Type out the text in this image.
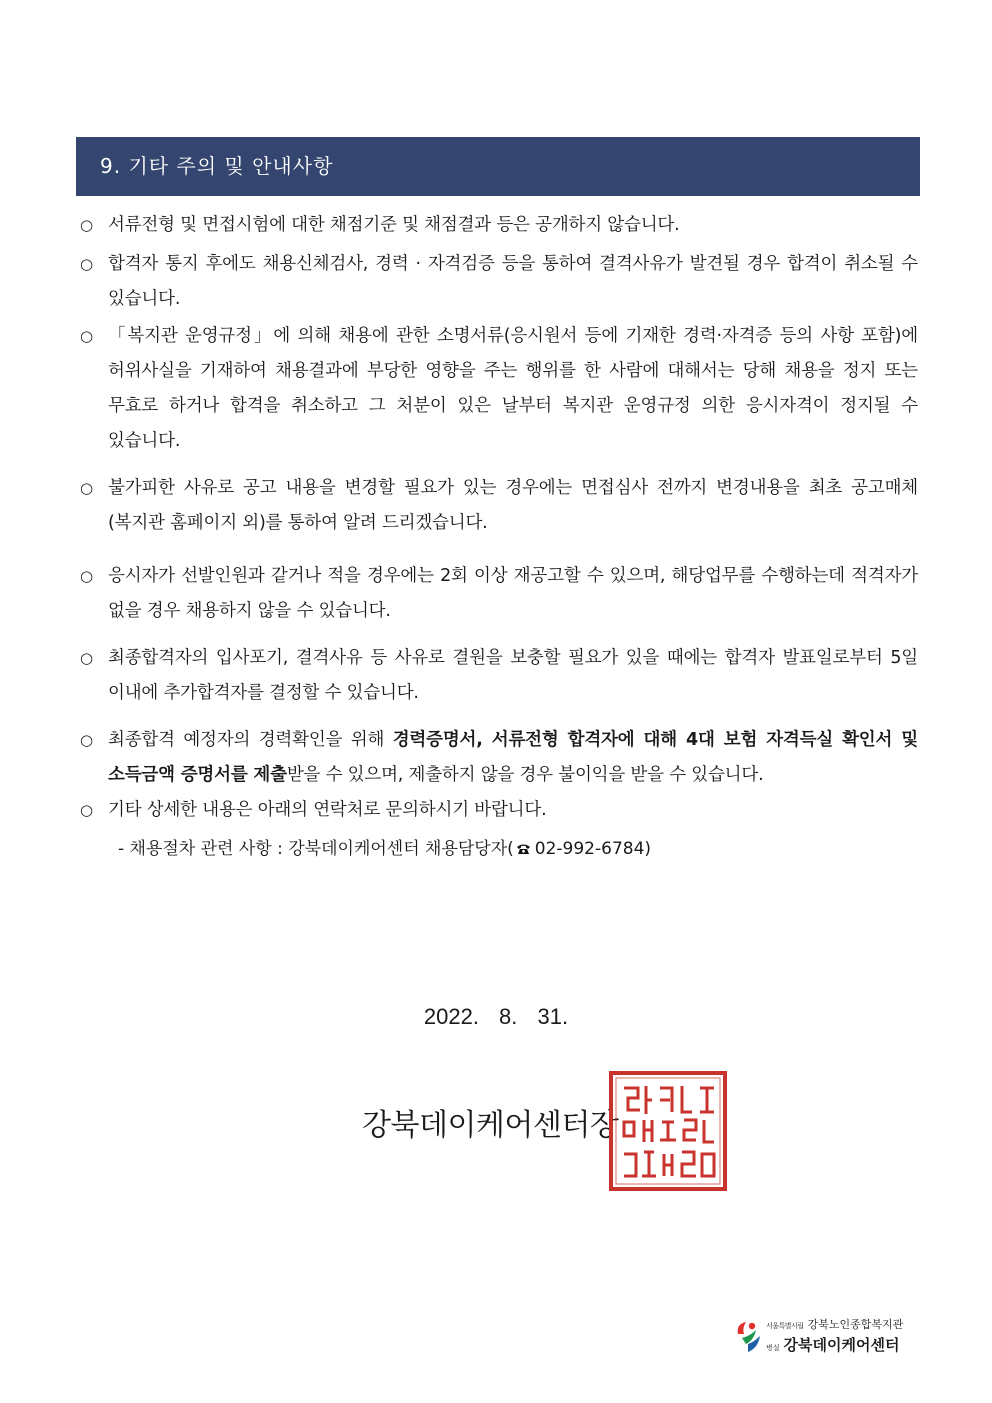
9. 기타 주의 및 안내사항
○ 서류전형 및 면접시험에 대한 채점기준 및 채점결과 등은 공개하지 않습니다.
○ 합격자 통지 후에도 채용신체검사, 경력 · 자격검증 등을 통하여 결격사유가 발견될 경우 합격이 취소될 수 있습니다.
○ 「복지관 운영규정」에 의해 채용에 관한 소명서류(응시원서 등에 기재한 경력·자격증 등의 사항 포함)에 허위사실을 기재하여 채용결과에 부당한 영향을 주는 행위를 한 사람에 대해서는 당해 채용을 정지 또는 무효로 하거나 합격을 취소하고 그 처분이 있은 날부터 복지관 운영규정 의한 응시자격이 정지될 수 있습니다.
○ 불가피한 사유로 공고 내용을 변경할 필요가 있는 경우에는 면접심사 전까지 변경내용을 최초 공고매체(복지관 홈페이지 외)를 통하여 알려 드리겠습니다.
○ 응시자가 선발인원과 같거나 적을 경우에는 2회 이상 재공고할 수 있으며, 해당업무를 수행하는데 적격자가 없을 경우 채용하지 않을 수 있습니다.
○ 최종합격자의 입사포기, 결격사유 등 사유로 결원을 보충할 필요가 있을 때에는 합격자 발표일로부터 5일 이내에 추가합격자를 결정할 수 있습니다.
○ 최종합격 예정자의 경력확인을 위해 경력증명서, 서류전형 합격자에 대해 4대 보험 자격득실 확인서 및 소득금액 증명서를 제출받을 수 있으며, 제출하지 않을 경우 불이익을 받을 수 있습니다.
○ 기타 상세한 내용은 아래의 연락처로 문의하시기 바랍니다.
- 채용절차 관련 사항 : 강북데이케어센터 채용담당자( 02-992-6784)
2022. 8. 31.
강북데이케어센터장
서울특별시립 강북노인종합복지관
병설 강북데이케어센터
